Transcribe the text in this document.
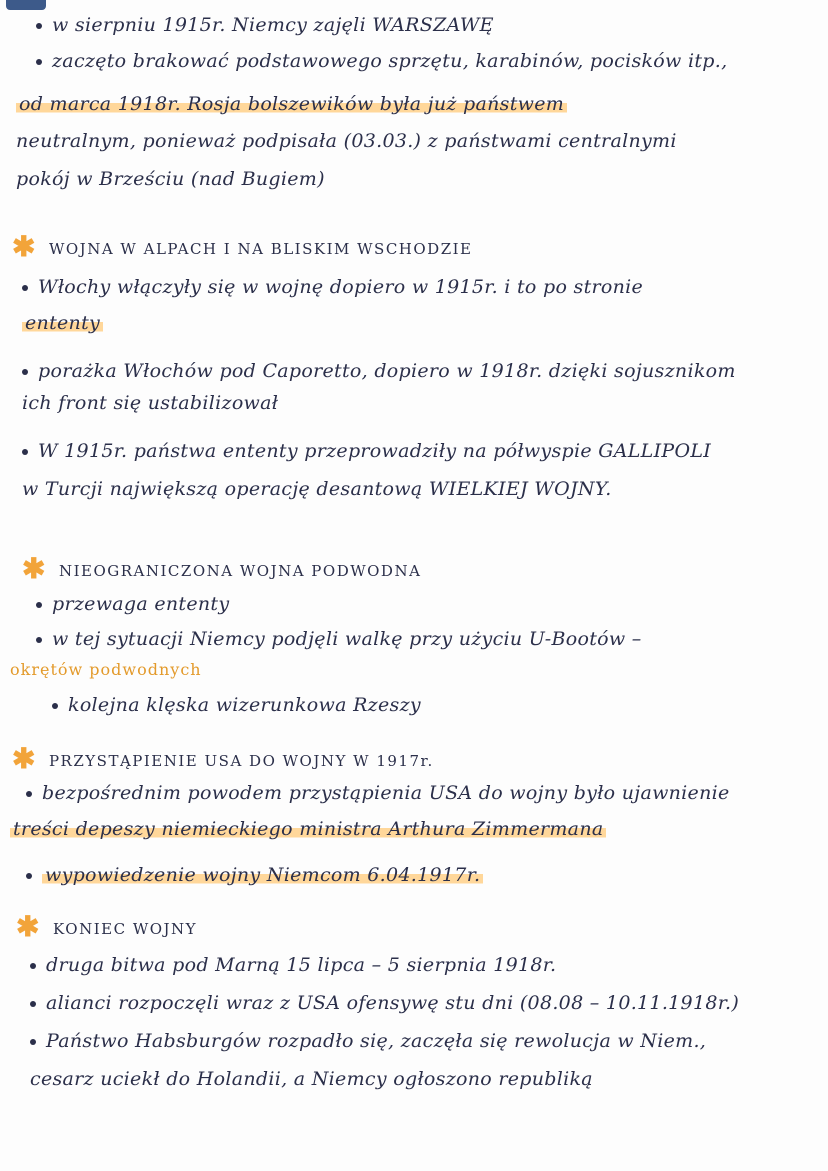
w sierpniu 1915r. Niemcy zajęli WARSZAWĘ
zaczęto brakować podstawowego sprzętu, karabinów, pocisków itp.,
od marca 1918r. Rosja bolszewików była już państwem
neutralnym, ponieważ podpisała (03.03.) z państwami centralnymi
pokój w Brześciu (nad Bugiem)
✱ WOJNA W ALPACH I NA BLISKIM WSCHODZIE
Włochy włączyły się w wojnę dopiero w 1915r. i to po stronie
ententy
porażka Włochów pod Caporetto, dopiero w 1918r. dzięki sojusznikom
ich front się ustabilizował
W 1915r. państwa ententy przeprowadziły na półwyspie GALLIPOLI
w Turcji największą operację desantową WIELKIEJ WOJNY.
✱ NIEOGRANICZONA WOJNA PODWODNA
przewaga ententy
w tej sytuacji Niemcy podjęli walkę przy użyciu U-Bootów –
okrętów podwodnych
kolejna klęska wizerunkowa Rzeszy
✱ PRZYSTĄPIENIE USA DO WOJNY W 1917r.
bezpośrednim powodem przystąpienia USA do wojny było ujawnienie
treści depeszy niemieckiego ministra Arthura Zimmermana
wypowiedzenie wojny Niemcom 6.04.1917r.
✱ KONIEC WOJNY
druga bitwa pod Marną 15 lipca – 5 sierpnia 1918r.
alianci rozpoczęli wraz z USA ofensywę stu dni (08.08 – 10.11.1918r.)
Państwo Habsburgów rozpadło się, zaczęła się rewolucja w Niem.,
cesarz uciekł do Holandii, a Niemcy ogłoszono republiką
